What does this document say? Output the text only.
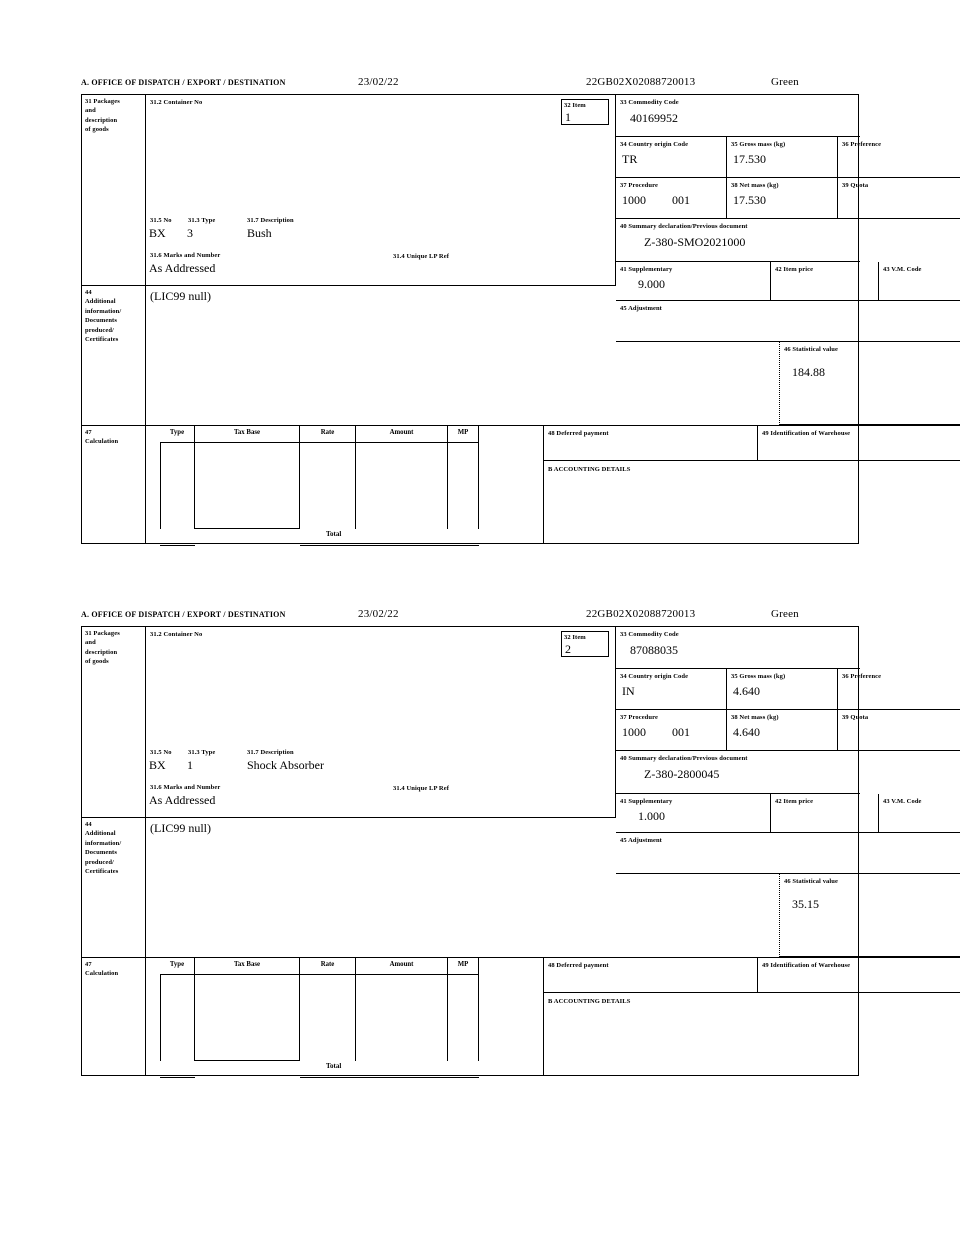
A. OFFICE OF DISPATCH / EXPORT / DESTINATION	23/02/22	22GB02X02088720013	Green
31 Packages
and
description
of goods
31.2 Container No
31.5 No	31.3 Type	31.7 Description
BX 3	Bush
31.6 Marks and Number	31.4 Unique LP Ref
As Addressed
32 Item
1
33 Commodity Code
40169952
34 Country origin Code
TR
35 Gross mass (kg)
17.530
36 Preference
37 Procedure
1000 001
38 Net mass (kg)
17.530
39 Quota
40 Summary declaration/Previous document
Z-380-SMO2021000
41 Supplementary
9.000
42 Item price	43 V.M. Code
44
Additional
information/
Documents
produced/
Certificates
(LIC99 null)
45 Adjustment
46 Statistical value
184.88
47
Calculation
Type	Tax Base	Rate	Amount	MP
Total
48 Deferred payment	49 Identification of Warehouse
B ACCOUNTING DETAILS
A. OFFICE OF DISPATCH / EXPORT / DESTINATION	23/02/22	22GB02X02088720013	Green
31 Packages
and
description
of goods
31.2 Container No
31.5 No	31.3 Type	31.7 Description
BX 1	Shock Absorber
31.6 Marks and Number	31.4 Unique LP Ref
As Addressed
32 Item
2
33 Commodity Code
87088035
34 Country origin Code
IN
35 Gross mass (kg)
4.640
36 Preference
37 Procedure
1000 001
38 Net mass (kg)
4.640
39 Quota
40 Summary declaration/Previous document
Z-380-2800045
41 Supplementary
1.000
42 Item price	43 V.M. Code
44
Additional
information/
Documents
produced/
Certificates
(LIC99 null)
45 Adjustment
46 Statistical value
35.15
47
Calculation
Type	Tax Base	Rate	Amount	MP
Total
48 Deferred payment	49 Identification of Warehouse
B ACCOUNTING DETAILS
